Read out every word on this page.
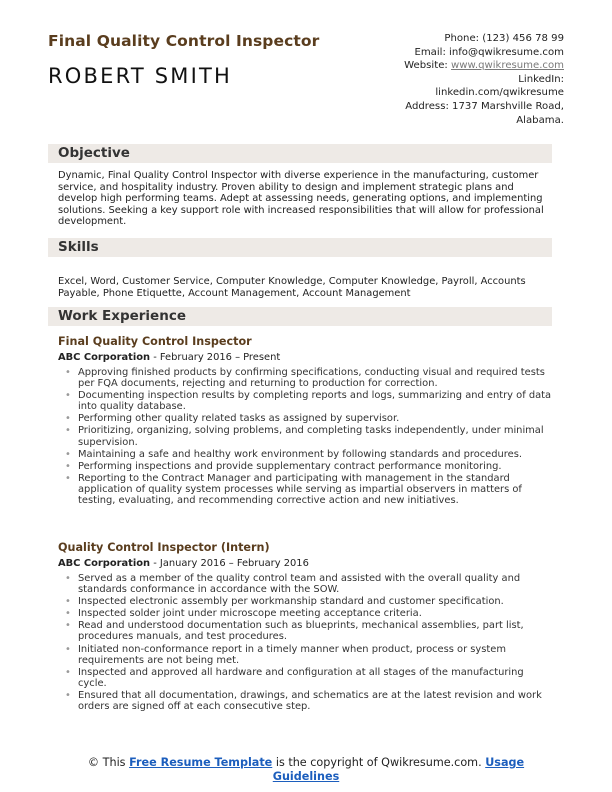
Final Quality Control Inspector
ROBERT SMITH
Phone: (123) 456 78 99
Email: info@qwikresume.com
Website: www.qwikresume.com
LinkedIn:
linkedin.com/qwikresume
Address: 1737 Marshville Road,
Alabama.
Objective
Dynamic, Final Quality Control Inspector with diverse experience in the manufacturing, customer service, and hospitality industry. Proven ability to design and implement strategic plans and develop high performing teams. Adept at assessing needs, generating options, and implementing solutions. Seeking a key support role with increased responsibilities that will allow for professional development.
Skills
Excel, Word, Customer Service, Computer Knowledge, Computer Knowledge, Payroll, Accounts Payable, Phone Etiquette, Account Management, Account Management
Work Experience
Final Quality Control Inspector
ABC Corporation - February 2016 – Present
• Approving finished products by confirming specifications, conducting visual and required tests per FQA documents, rejecting and returning to production for correction.
• Documenting inspection results by completing reports and logs, summarizing and entry of data into quality database.
• Performing other quality related tasks as assigned by supervisor.
• Prioritizing, organizing, solving problems, and completing tasks independently, under minimal supervision.
• Maintaining a safe and healthy work environment by following standards and procedures.
• Performing inspections and provide supplementary contract performance monitoring.
• Reporting to the Contract Manager and participating with management in the standard application of quality system processes while serving as impartial observers in matters of testing, evaluating, and recommending corrective action and new initiatives.
Quality Control Inspector (Intern)
ABC Corporation - January 2016 – February 2016
• Served as a member of the quality control team and assisted with the overall quality and standards conformance in accordance with the SOW.
• Inspected electronic assembly per workmanship standard and customer specification.
• Inspected solder joint under microscope meeting acceptance criteria.
• Read and understood documentation such as blueprints, mechanical assemblies, part list, procedures manuals, and test procedures.
• Initiated non-conformance report in a timely manner when product, process or system requirements are not being met.
• Inspected and approved all hardware and configuration at all stages of the manufacturing cycle.
• Ensured that all documentation, drawings, and schematics are at the latest revision and work orders are signed off at each consecutive step.
© This Free Resume Template is the copyright of Qwikresume.com. Usage Guidelines
